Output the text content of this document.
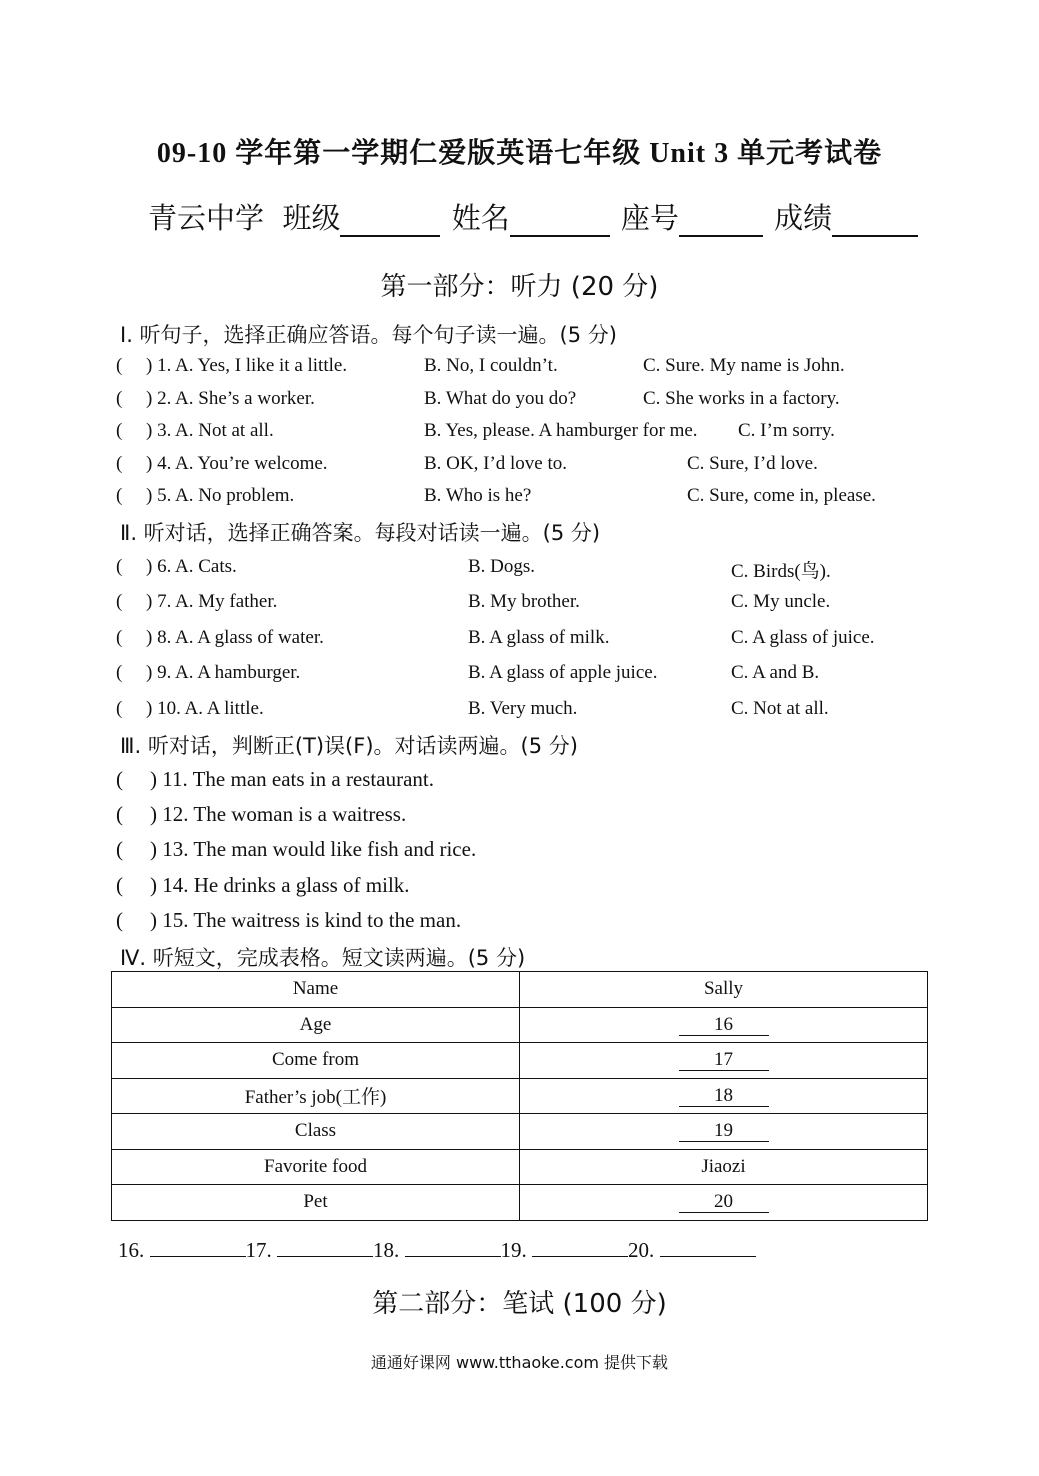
09-10 学年第一学期仁爱版英语七年级 Unit 3 单元考试卷
青云中学 班级	姓名	座号	成绩
第一部分：听力 (20 分)
Ⅰ. 听句子，选择正确应答语。每个句子读一遍。(5 分)
( ) 1. A. Yes, I like it a little.	B. No, I couldn’t.	C. Sure. My name is John.
( ) 2. A. She’s a worker.	B. What do you do?	C. She works in a factory.
( ) 3. A. Not at all.	B. Yes, please. A hamburger for me. C. I’m sorry.
( ) 4. A. You’re welcome.	B. OK, I’d love to.	C. Sure, I’d love.
( ) 5. A. No problem.	B. Who is he?	C. Sure, come in, please.
Ⅱ. 听对话，选择正确答案。每段对话读一遍。(5 分)
( ) 6. A. Cats.	B. Dogs.	C. Birds(鸟).
( ) 7. A. My father.	B. My brother.	C. My uncle.
( ) 8. A. A glass of water.	B. A glass of milk.	C. A glass of juice.
( ) 9. A. A hamburger.	B. A glass of apple juice.	C. A and B.
( ) 10. A. A little.	B. Very much.	C. Not at all.
Ⅲ. 听对话，判断正(T)误(F)。对话读两遍。(5 分)
( ) 11. The man eats in a restaurant.
( ) 12. The woman is a waitress.
( ) 13. The man would like fish and rice.
( ) 14. He drinks a glass of milk.
( ) 15. The waitress is kind to the man.
Ⅳ. 听短文，完成表格。短文读两遍。(5 分)
Name	Sally
Age	16
Come from	17
Father’s job(工作)	18
Class	19
Favorite food	Jiaozi
Pet	20
16.	17.	18.	19.	20.
第二部分：笔试 (100 分)
通通好课网 www.tthaoke.com 提供下载
